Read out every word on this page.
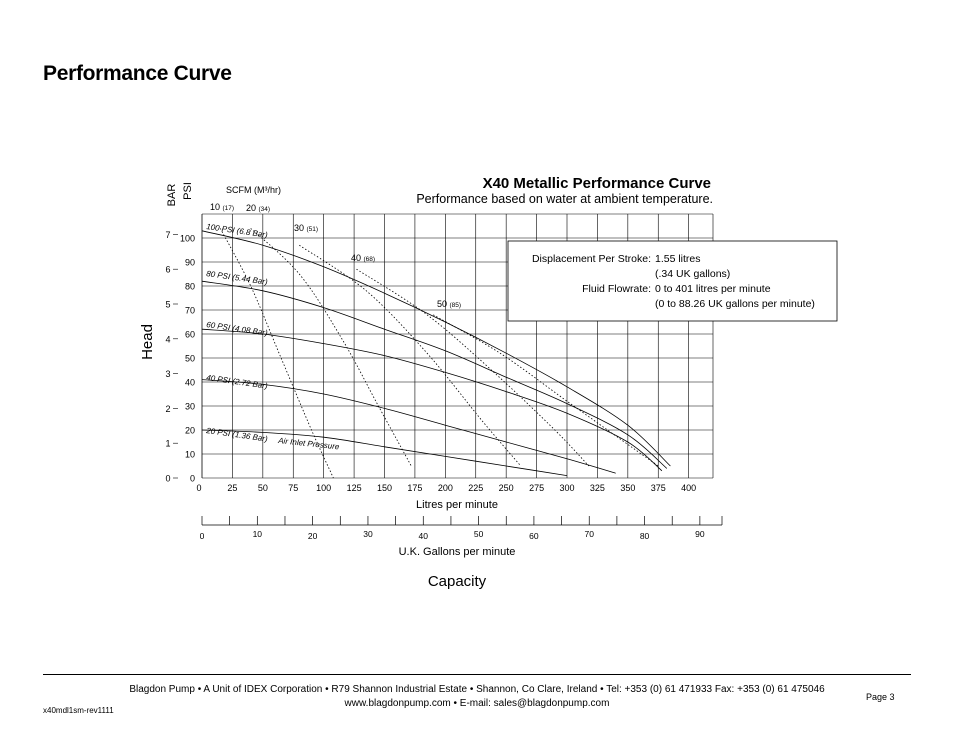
Performance Curve
0
10
20
30
40
50
60
70
80
90
100
0
1
2
3
4
5
6
7
0	25 50 75 100 125 150 175 200 225 250 275 300 325 350 375 400
0	10	20	30	40	50	60	70	80	90
100 PSI (6.8 Bar)
80 PSI (5.44 Bar)
60 PSI (4.08 Bar)
40 PSI (2.72 Bar)
20 PSI (1.36 Bar)
10 (17) 20 (34)
30 (51)
40 (68)
50 (85)
X40 Metallic Performance Curve
Performance based on water at ambient temperature.
SCFM (M³/hr)
BAR PSI
Head
Litres per minute
U.K. Gallons per minute
Capacity
Air Inlet Pressure
Displacement Per Stroke: 1.55 litres
(.34 UK gallons)
Fluid Flowrate: 0 to 401 litres per minute
(0 to 88.26 UK gallons per minute)
Blagdon Pump • A Unit of IDEX Corporation • R79 Shannon Industrial Estate • Shannon, Co Clare, Ireland • Tel: +353 (0) 61 471933 Fax: +353 (0) 61 475046
www.blagdonpump.com • E-mail: sales@blagdonpump.com
x40mdl1sm-rev1111
Page 3
